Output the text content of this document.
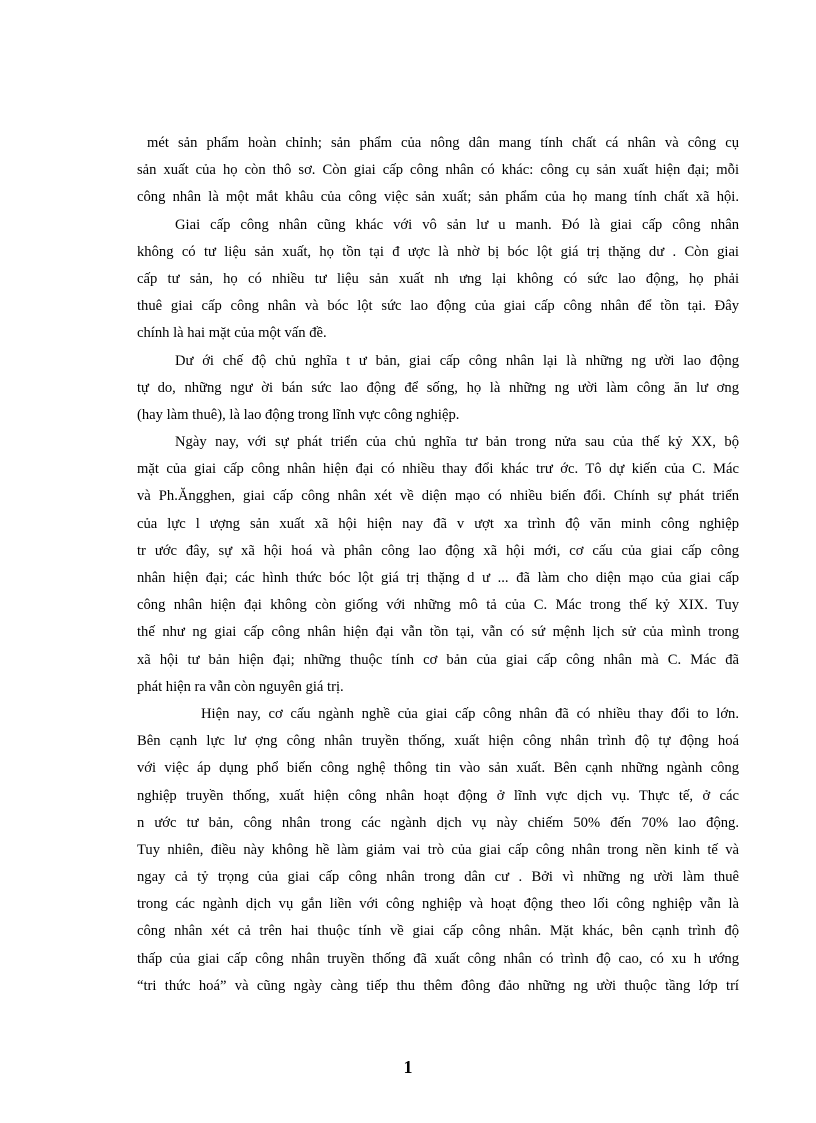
mét sản phẩm hoàn chỉnh; sản phẩm của nông dân mang tính chất cá nhân và công cụ
sản xuất của họ còn thô sơ. Còn giai cấp công nhân có khác: công cụ sản xuất hiện đại; mỗi
công nhân là một mắt khâu của công việc sản xuất; sản phẩm của họ mang tính chất xã hội.
Giai cấp công nhân cũng khác với vô sản lư u manh. Đó là giai cấp công nhân
không có tư liệu sản xuất, họ tồn tại đ ược là nhờ bị bóc lột giá trị thặng dư . Còn giai
cấp tư sản, họ có nhiều tư liệu sản xuất nh ưng lại không có sức lao động, họ phải
thuê giai cấp công nhân và bóc lột sức lao động của giai cấp công nhân để tồn tại. Đây
chính là hai mặt của một vấn đề.
Dư ới chế độ chủ nghĩa t ư bản, giai cấp công nhân lại là những ng ười lao động
tự do, những ngư ời bán sức lao động để sống, họ là những ng ười làm công ăn lư ơng
(hay làm thuê), là lao động trong lĩnh vực công nghiệp.
Ngày nay, với sự phát triển của chủ nghĩa tư bản trong nửa sau của thế kỷ XX, bộ
mặt của giai cấp công nhân hiện đại có nhiều thay đổi khác trư ớc. Tô dự kiến của C. Mác
và Ph.Ăngghen, giai cấp công nhân xét về diện mạo có nhiều biến đổi. Chính sự phát triển
của lực l ượng sản xuất xã hội hiện nay đã v ượt xa trình độ văn minh công nghiệp
tr ước đây, sự xã hội hoá và phân công lao động xã hội mới, cơ cấu của giai cấp công
nhân hiện đại; các hình thức bóc lột giá trị thặng d ư ... đã làm cho diện mạo của giai cấp
công nhân hiện đại không còn giống với những mô tả của C. Mác trong thế kỷ XIX. Tuy
thế như ng giai cấp công nhân hiện đại vẫn tồn tại, vẫn có sứ mệnh lịch sử của mình trong
xã hội tư bản hiện đại; những thuộc tính cơ bản của giai cấp công nhân mà C. Mác đã
phát hiện ra vẫn còn nguyên giá trị.
Hiện nay, cơ cấu ngành nghề của giai cấp công nhân đã có nhiều thay đổi to lớn.
Bên cạnh lực lư ợng công nhân truyền thống, xuất hiện công nhân trình độ tự động hoá
với việc áp dụng phổ biến công nghệ thông tin vào sản xuất. Bên cạnh những ngành công
nghiệp truyền thống, xuất hiện công nhân hoạt động ở lĩnh vực dịch vụ. Thực tế, ở các
n ước tư bản, công nhân trong các ngành dịch vụ này chiếm 50% đến 70% lao động.
Tuy nhiên, điều này không hề làm giảm vai trò của giai cấp công nhân trong nền kinh tế và
ngay cả tỷ trọng của giai cấp công nhân trong dân cư . Bởi vì những ng ười làm thuê
trong các ngành dịch vụ gắn liền với công nghiệp và hoạt động theo lối công nghiệp vẫn là
công nhân xét cả trên hai thuộc tính về giai cấp công nhân. Mặt khác, bên cạnh trình độ
thấp của giai cấp công nhân truyền thống đã xuất công nhân có trình độ cao, có xu h ướng
“tri thức hoá” và cũng ngày càng tiếp thu thêm đông đảo những ng ười thuộc tầng lớp trí
1
